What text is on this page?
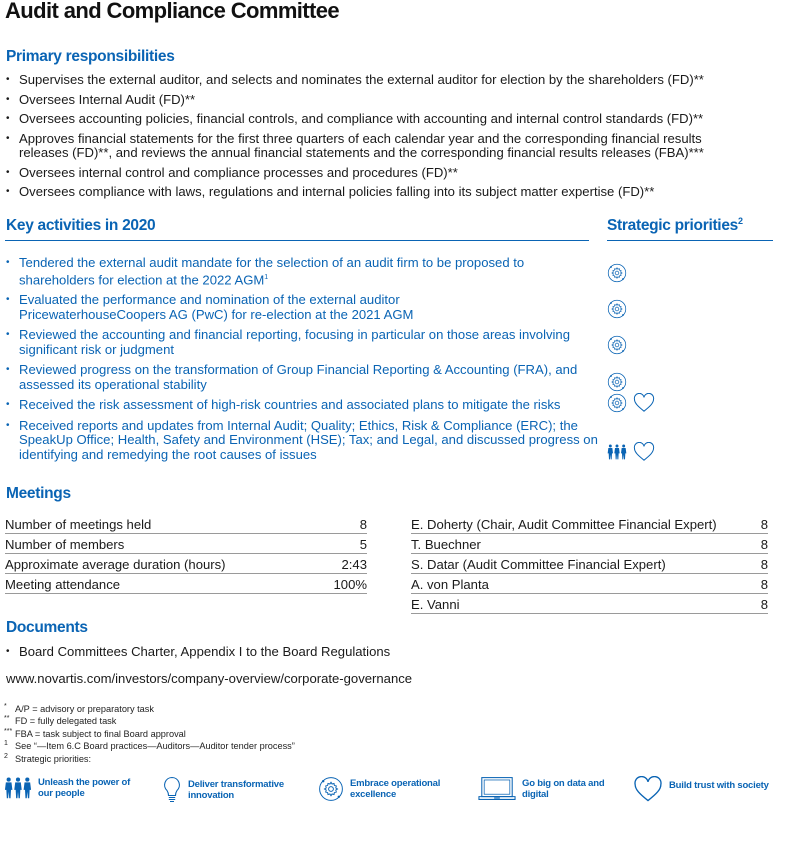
Audit and Compliance Committee
Primary responsibilities
• Supervises the external auditor, and selects and nominates the external auditor for election by the shareholders (FD)**
• Oversees Internal Audit (FD)**
• Oversees accounting policies, financial controls, and compliance with accounting and internal control standards (FD)**
• Approves financial statements for the first three quarters of each calendar year and the corresponding financial results releases (FD)**, and reviews the annual financial statements and the corresponding financial results releases (FBA)***
• Oversees internal control and compliance processes and procedures (FD)**
• Oversees compliance with laws, regulations and internal policies falling into its subject matter expertise (FD)**
Key activities in 2020	Strategic priorities$^2$
• Tendered the external audit mandate for the selection of an audit firm to be proposed to shareholders for election at the 2022 AGM$^1$
• Evaluated the performance and nomination of the external auditor PricewaterhouseCoopers AG (PwC) for re-election at the 2021 AGM
• Reviewed the accounting and financial reporting, focusing in particular on those areas involving significant risk or judgment
• Reviewed progress on the transformation of Group Financial Reporting & Accounting (FRA), and assessed its operational stability
• Received the risk assessment of high-risk countries and associated plans to mitigate the risks
• Received reports and updates from Internal Audit; Quality; Ethics, Risk & Compliance (ERC); the SpeakUp Office; Health, Safety and Environment (HSE); Tax; and Legal, and discussed progress on identifying and remedying the root causes of issues
Meetings
Number of meetings held	8
Number of members	5
Approximate average duration (hours)	2:43
Meeting attendance	100%
E. Doherty (Chair, Audit Committee Financial Expert)	8
T. Buechner	8
S. Datar (Audit Committee Financial Expert)	8
A. von Planta	8
E. Vanni	8
Documents
• Board Committees Charter, Appendix I to the Board Regulations
www.novartis.com/investors/company-overview/corporate-governance
* A/P = advisory or preparatory task
** FD = fully delegated task
*** FBA = task subject to final Board approval
1 See “—Item 6.C Board practices—Auditors—Auditor tender process”
2 Strategic priorities:
Unleash the power of
our people
Deliver transformative
innovation
Embrace operational
excellence
Go big on data and
digital
Build trust with society
